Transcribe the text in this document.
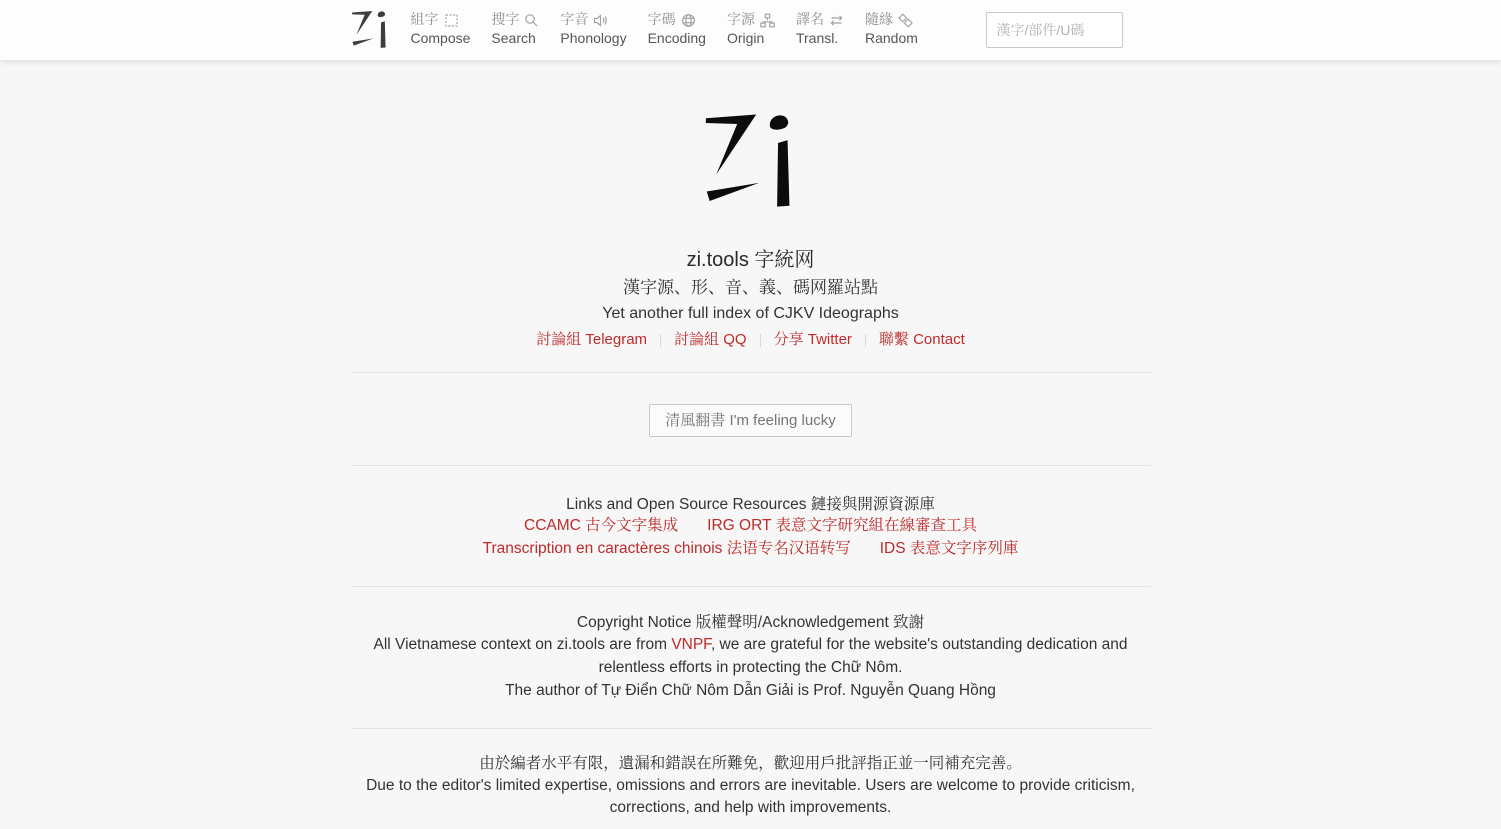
組字
Compose
搜字
Search
字音
Phonology
字碼
Encoding
字源
Origin
譯名
Transl.
隨緣
Random
漢字/部件/U碼
zi.tools 字統网
漢字源、形、音、義、碼网羅站點
Yet another full index of CJKV Ideographs
討論組 Telegram 討論組 QQ 分享 Twitter 聯繫 Contact
清風翻書 I'm feeling lucky
Links and Open Source Resources 鏈接與開源資源庫
CCAMC 古今文字集成 IRG ORT 表意文字研究組在線審查工具
Transcription en caractères chinois 法语专名汉语转写 IDS 表意文字序列庫
Copyright Notice 版權聲明/Acknowledgement 致謝

All Vietnamese context on zi.tools are from VNPF, we are grateful for the website's outstanding dedication and relentless efforts in protecting the Chữ Nôm.

The author of Tự Điển Chữ Nôm Dẫn Giải is Prof. Nguyễn Quang Hồng

由於編者水平有限，遺漏和錯誤在所難免，歡迎用戶批評指正並一同補充完善。
Due to the editor's limited expertise, omissions and errors are inevitable. Users are welcome to provide criticism, corrections, and help with improvements.
